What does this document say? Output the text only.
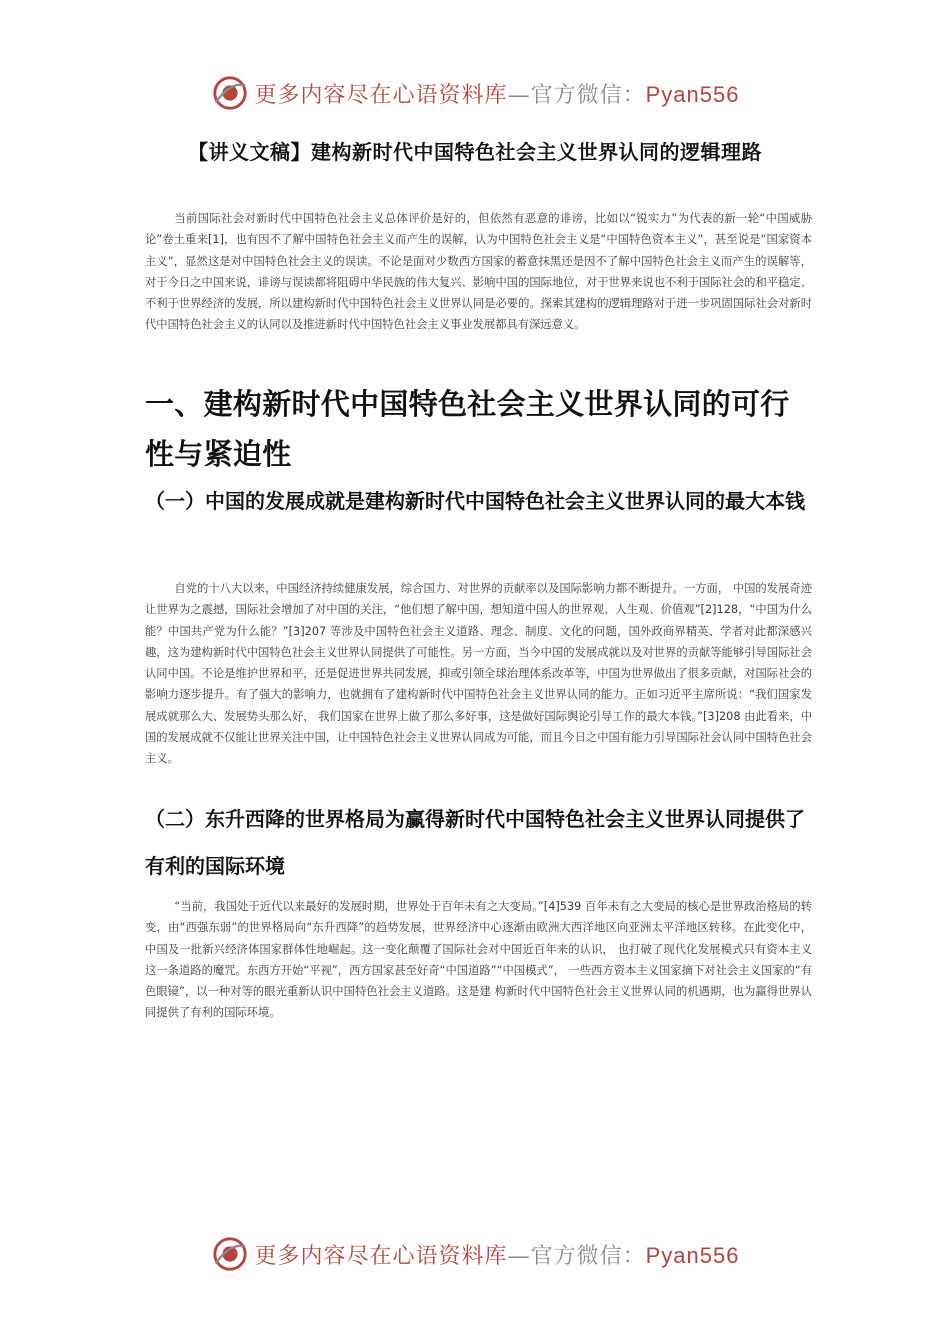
更多内容尽在心语资料库—官方微信：Pyan556
【讲义文稿】建构新时代中国特色社会主义世界认同的逻辑理路

当前国际社会对新时代中国特色社会主义总体评价是好的，但依然有恶意的诽谤，比如以“锐实力”为代表的新一轮“中国威胁论”卷土重来[1]，也有因不了解中国特色社会主义而产生的误解，认为中国特色社会主义是“中国特色资本主义”，甚至说是“国家资本主义”，显然这是对中国特色社会主义的误读。不论是面对少数西方国家的蓄意抹黑还是因不了解中国特色社会主义而产生的误解等，对于今日之中国来说，诽谤与误读都将阻碍中华民族的伟大复兴、影响中国的国际地位，对于世界来说也不利于国际社会的和平稳定、不利于世界经济的发展，所以建构新时代中国特色社会主义世界认同是必要的。探索其建构的逻辑理路对于进一步巩固国际社会对新时代中国特色社会主义的认同以及推进新时代中国特色社会主义事业发展都具有深远意义。

一、建构新时代中国特色社会主义世界认同的可行性与紧迫性
（一）中国的发展成就是建构新时代中国特色社会主义世界认同的最大本钱

自党的十八大以来，中国经济持续健康发展，综合国力、对世界的贡献率以及国际影响力都不断提升。一方面， 中国的发展奇迹让世界为之震撼，国际社会增加了对中国的关注，“他们想了解中国，想知道中国人的世界观、人生观、价值观”[2]128，“中国为什么能？中国共产党为什么能？”[3]207 等涉及中国特色社会主义道路、理念、制度、文化的问题，国外政商界精英、学者对此都深感兴趣，这为建构新时代中国特色社会主义世界认同提供了可能性。另一方面，当今中国的发展成就以及对世界的贡献等能够引导国际社会认同中国。不论是维护世界和平，还是促进世界共同发展，抑或引领全球治理体系改革等，中国为世界做出了很多贡献，对国际社会的影响力逐步提升。有了强大的影响力，也就拥有了建构新时代中国特色社会主义世界认同的能力。正如习近平主席所说：“我们国家发展成就那么大、发展势头那么好， 我们国家在世界上做了那么多好事，这是做好国际舆论引导工作的最大本钱。”[3]208 由此看来，中国的发展成就不仅能让世界关注中国，让中国特色社会主义世界认同成为可能，而且今日之中国有能力引导国际社会认同中国特色社会主义。

（二）东升西降的世界格局为赢得新时代中国特色社会主义世界认同提供了有利的国际环境

“当前，我国处于近代以来最好的发展时期，世界处于百年未有之大变局。”[4]539 百年未有之大变局的核心是世界政治格局的转变，由“西强东弱”的世界格局向“东升西降”的趋势发展，世界经济中心逐渐由欧洲大西洋地区向亚洲太平洋地区转移。在此变化中，中国及一批新兴经济体国家群体性地崛起。这一变化颠覆了国际社会对中国近百年来的认识， 也打破了现代化发展模式只有资本主义这一条道路的魔咒。东西方开始“平视”，西方国家甚至好奇“中国道路”“中国模式”， 一些西方资本主义国家摘下对社会主义国家的“有色眼镜”，以一种对等的眼光重新认识中国特色社会主义道路。这是建 构新时代中国特色社会主义世界认同的机遇期，也为赢得世界认同提供了有利的国际环境。

更多内容尽在心语资料库—官方微信：Pyan556
